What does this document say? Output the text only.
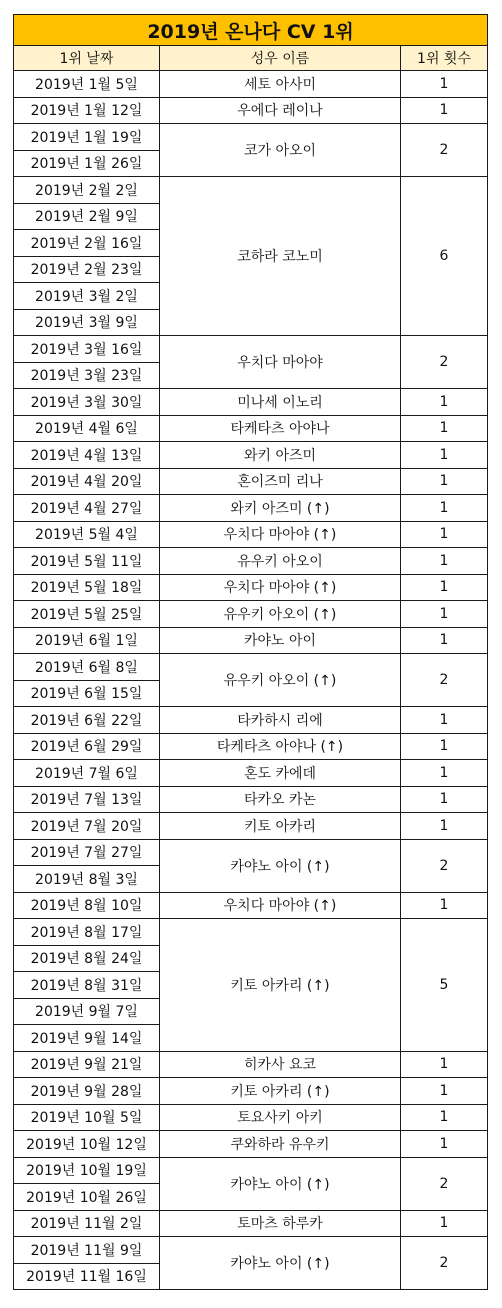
2019년 온나다 CV 1위		
1위 날짜	성우 이름	1위 횟수
2019년 1월 5일	세토 아사미	1
2019년 1월 12일	우에다 레이나	1
2019년 1월 19일	코가 아오이	2
2019년 1월 26일		
2019년 2월 2일	코하라 코노미	6
2019년 2월 9일		
2019년 2월 16일		
2019년 2월 23일		
2019년 3월 2일		
2019년 3월 9일		
2019년 3월 16일	우치다 마아야	2
2019년 3월 23일		
2019년 3월 30일	미나세 이노리	1
2019년 4월 6일	타케타츠 아야나	1
2019년 4월 13일	와키 아즈미	1
2019년 4월 20일	혼이즈미 리나	1
2019년 4월 27일	와키 아즈미 (↑)	1
2019년 5월 4일	우치다 마아야 (↑)	1
2019년 5월 11일	유우키 아오이	1
2019년 5월 18일	우치다 마아야 (↑)	1
2019년 5월 25일	유우키 아오이 (↑)	1
2019년 6월 1일	카야노 아이	1
2019년 6월 8일	유우키 아오이 (↑)	2
2019년 6월 15일		
2019년 6월 22일	타카하시 리에	1
2019년 6월 29일	타케타츠 아야나 (↑)	1
2019년 7월 6일	혼도 카에데	1
2019년 7월 13일	타카오 카논	1
2019년 7월 20일	키토 아카리	1
2019년 7월 27일	카야노 아이 (↑)	2
2019년 8월 3일		
2019년 8월 10일	우치다 마아야 (↑)	1
2019년 8월 17일	키토 아카리 (↑)	5
2019년 8월 24일		
2019년 8월 31일		
2019년 9월 7일		
2019년 9월 14일		
2019년 9월 21일	히카사 요코	1
2019년 9월 28일	키토 아카리 (↑)	1
2019년 10월 5일	토요사키 아키	1
2019년 10월 12일	쿠와하라 유우키	1
2019년 10월 19일	카야노 아이 (↑)	2
2019년 10월 26일		
2019년 11월 2일	토마츠 하루카	1
2019년 11월 9일	카야노 아이 (↑)	2
2019년 11월 16일		
